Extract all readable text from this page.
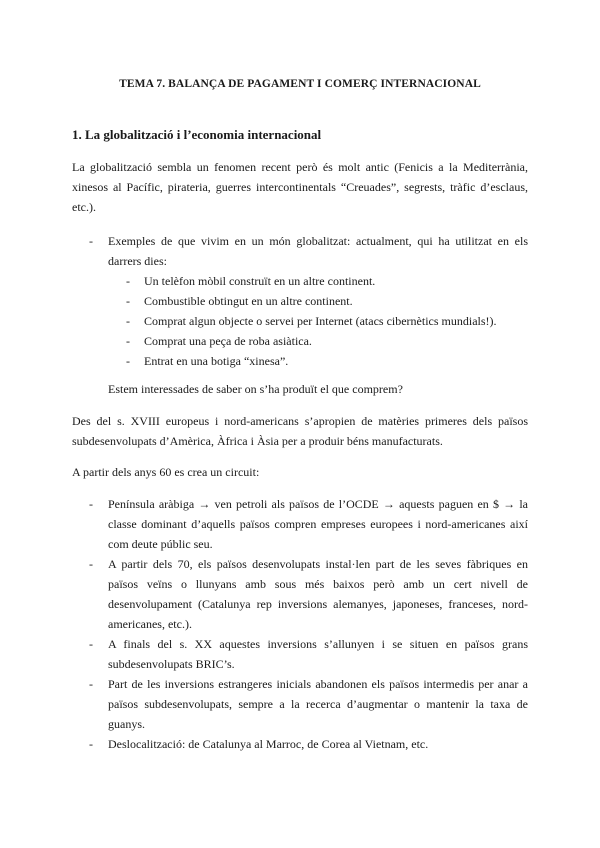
TEMA 7. BALANÇA DE PAGAMENT I COMERÇ INTERNACIONAL
1. La globalització i l’economia internacional

La globalització sembla un fenomen recent però és molt antic (Fenicis a la Mediterrània, xinesos al Pacífic, pirateria, guerres intercontinentals “Creuades”, segrests, tràfic d’esclaus, etc.).

- Exemples de que vivim en un món globalitzat: actualment, qui ha utilitzat en els darrers dies:
- Un telèfon mòbil construït en un altre continent.
- Combustible obtingut en un altre continent.
- Comprat algun objecte o servei per Internet (atacs cibernètics mundials!).
- Comprat una peça de roba asiàtica.
- Entrat en una botiga “xinesa”.

Estem interessades de saber on s’ha produït el que comprem?

Des del s. XVIII europeus i nord-americans s’apropien de matèries primeres dels països subdesenvolupats d’Amèrica, Àfrica i Àsia per a produir béns manufacturats.

A partir dels anys 60 es crea un circuit:

- Península aràbiga → ven petroli als països de l’OCDE → aquests paguen en $ → la classe dominant d’aquells països compren empreses europees i nord-americanes així com deute públic seu.
- A partir dels 70, els països desenvolupats instal·len part de les seves fàbriques en països veïns o llunyans amb sous més baixos però amb un cert nivell de desenvolupament (Catalunya rep inversions alemanyes, japoneses, franceses, nord-americanes, etc.).
- A finals del s. XX aquestes inversions s’allunyen i se situen en països grans subdesenvolupats BRIC’s.
- Part de les inversions estrangeres inicials abandonen els països intermedis per anar a països subdesenvolupats, sempre a la recerca d’augmentar o mantenir la taxa de guanys.
- Deslocalització: de Catalunya al Marroc, de Corea al Vietnam, etc.
